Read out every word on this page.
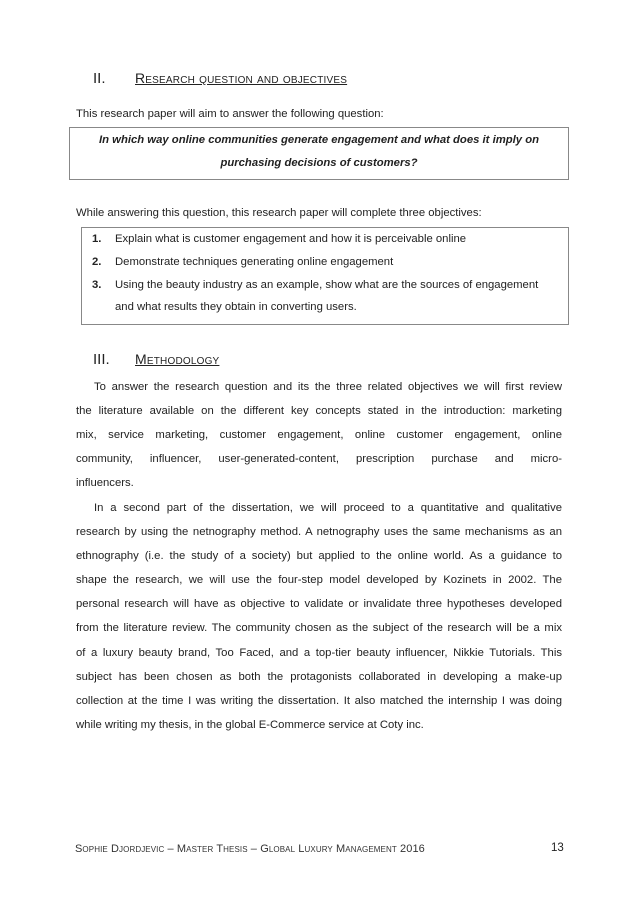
II. Research question and objectives
This research paper will aim to answer the following question:
In which way online communities generate engagement and what does it imply on
purchasing decisions of customers?
While answering this question, this research paper will complete three objectives:
1. Explain what is customer engagement and how it is perceivable online
2. Demonstrate techniques generating online engagement
3. Using the beauty industry as an example, show what are the sources of engagement
and what results they obtain in converting users.
III. Methodology
To answer the research question and its the three related objectives we will first review
the literature available on the different key concepts stated in the introduction: marketing
mix, service marketing, customer engagement, online customer engagement, online
community, influencer, user-generated-content, prescription purchase and micro-
influencers.
In a second part of the dissertation, we will proceed to a quantitative and qualitative
research by using the netnography method. A netnography uses the same mechanisms as an
ethnography (i.e. the study of a society) but applied to the online world. As a guidance to
shape the research, we will use the four-step model developed by Kozinets in 2002. The
personal research will have as objective to validate or invalidate three hypotheses developed
from the literature review. The community chosen as the subject of the research will be a mix
of a luxury beauty brand, Too Faced, and a top-tier beauty influencer, Nikkie Tutorials. This
subject has been chosen as both the protagonists collaborated in developing a make-up
collection at the time I was writing the dissertation. It also matched the internship I was doing
while writing my thesis, in the global E-Commerce service at Coty inc.
Sophie Djordjevic – Master Thesis – Global Luxury Management 2016	13
